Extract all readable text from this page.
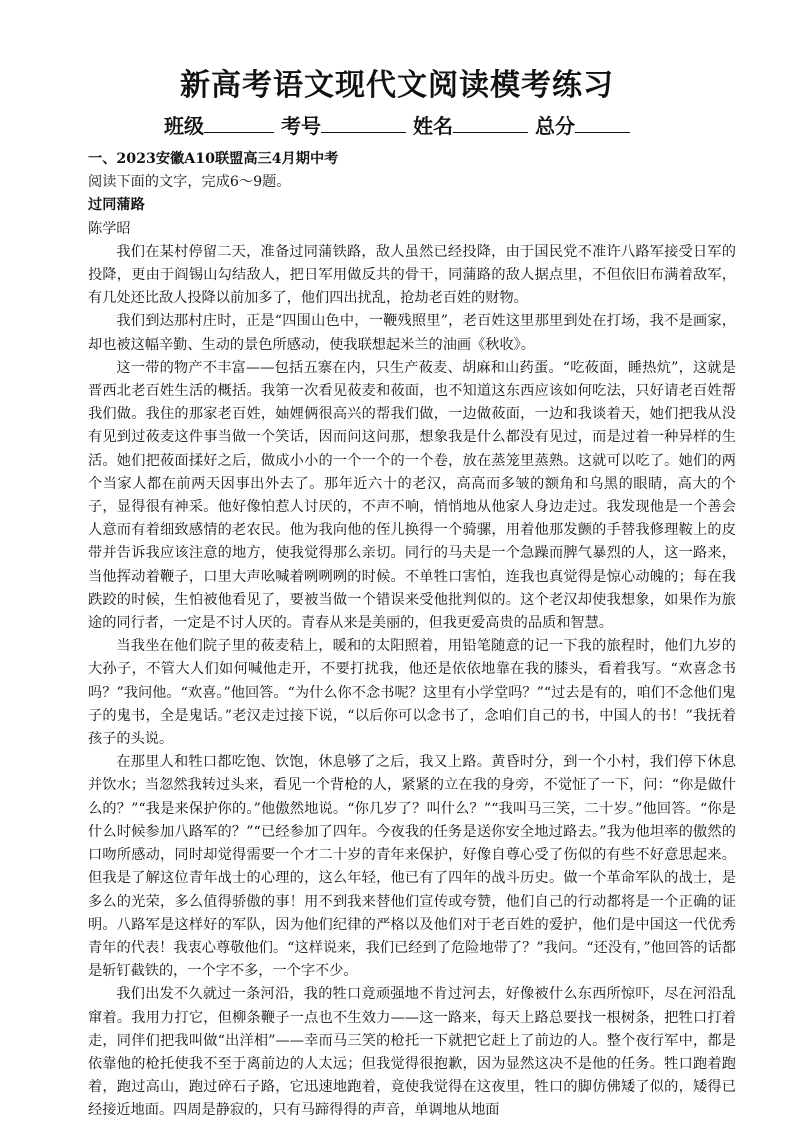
新高考语文现代文阅读模考练习
班级	考号	姓名	总分

一、2023安徽A10联盟高三4月期中考

阅读下面的文字，完成6～9题。

过同蒲路

陈学昭

我们在某村停留二天，准备过同蒲铁路，敌人虽然已经投降，由于国民党不准许八路军接受日军的投降，更由于阎锡山勾结敌人，把日军用做反共的骨干，同蒲路的敌人据点里，不但依旧布满着敌军，有几处还比敌人投降以前加多了，他们四出扰乱，抢劫老百姓的财物。

我们到达那村庄时，正是“四围山色中，一鞭残照里”，老百姓这里那里到处在打场，我不是画家，却也被这幅辛勤、生动的景色所感动，使我联想起米兰的油画《秋收》。

这一带的物产不丰富——包括五寨在内，只生产莜麦、胡麻和山药蛋。“吃莜面，睡热炕”，这就是晋西北老百姓生活的概括。我第一次看见莜麦和莜面，也不知道这东西应该如何吃法，只好请老百姓帮我们做。我住的那家老百姓，妯娌俩很高兴的帮我们做，一边做莜面，一边和我谈着天，她们把我从没有见到过莜麦这件事当做一个笑话，因而问这问那，想象我是什么都没有见过，而是过着一种异样的生活。她们把莜面揉好之后，做成小小的一个一个的一个卷，放在蒸笼里蒸熟。这就可以吃了。她们的两个当家人都在前两天因事出外去了。那年近六十的老汉，高高而多皱的额角和乌黑的眼睛，高大的个子，显得很有神采。他好像怕惹人讨厌的，不声不响，悄悄地从他家人身边走过。我发现他是一个善会人意而有着细致感情的老农民。他为我向他的侄儿换得一个骑骡，用着他那发颤的手替我修理鞍上的皮带并告诉我应该注意的地方，使我觉得那么亲切。同行的马夫是一个急躁而脾气暴烈的人，这一路来，当他挥动着鞭子，口里大声吆喊着咧咧咧的时候。不单牲口害怕，连我也真觉得是惊心动魄的；每在我跌跤的时候，生怕被他看见了，要被当做一个错误来受他批判似的。这个老汉却使我想象，如果作为旅途的同行者，一定是不讨人厌的。青春从来是美丽的，但我更爱高贵的品质和智慧。

当我坐在他们院子里的莜麦秸上，暖和的太阳照着，用铅笔随意的记一下我的旅程时，他们九岁的大孙子，不管大人们如何喊他走开，不要打扰我，他还是依依地靠在我的膝头，看着我写。“欢喜念书吗？”我问他。“欢喜。”他回答。“为什么你不念书呢？这里有小学堂吗？”“过去是有的，咱们不念他们鬼子的鬼书，全是鬼话。”老汉走过接下说，“以后你可以念书了，念咱们自己的书，中国人的书！”我抚着孩子的头说。

在那里人和牲口都吃饱、饮饱，休息够了之后，我又上路。黄昏时分，到一个小村，我们停下休息并饮水；当忽然我转过头来，看见一个背枪的人，紧紧的立在我的身旁，不觉怔了一下，问：“你是做什么的？”“我是来保护你的。”他傲然地说。“你几岁了？叫什么？”“我叫马三笑，二十岁。”他回答。“你是什么时候参加八路军的？”“已经参加了四年。今夜我的任务是送你安全地过路去。”我为他坦率的傲然的口吻所感动，同时却觉得需要一个才二十岁的青年来保护，好像自尊心受了伤似的有些不好意思起来。但我是了解这位青年战士的心理的，这么年轻，他已有了四年的战斗历史。做一个革命军队的战士，是多么的光荣，多么值得骄傲的事！用不到我来替他们宣传或夸赞，他们自己的行动都将是一个正确的证明。八路军是这样好的军队，因为他们纪律的严格以及他们对于老百姓的爱护，他们是中国这一代优秀青年的代表！我衷心尊敬他们。“这样说来，我们已经到了危险地带了？”我问。“还没有，”他回答的话都是斩钉截铁的，一个字不多，一个字不少。

我们出发不久就过一条河沿，我的牲口竟顽强地不肯过河去，好像被什么东西所惊吓，尽在河沿乱窜着。我用力打它，但柳条鞭子一点也不生效力——这一路来，每天上路总要找一根树条，把牲口打着走，同伴们把我叫做“出洋相”——幸而马三笑的枪托一下就把它赶上了前边的人。整个夜行军中，都是依靠他的枪托使我不至于离前边的人太远；但我觉得很抱歉，因为显然这决不是他的任务。牲口跑着跑着，跑过高山，跑过碎石子路，它迅速地跑着，竟使我觉得在这夜里，牲口的脚仿佛矮了似的，矮得已经接近地面。四周是静寂的，只有马蹄得得的声音，单调地从地面
